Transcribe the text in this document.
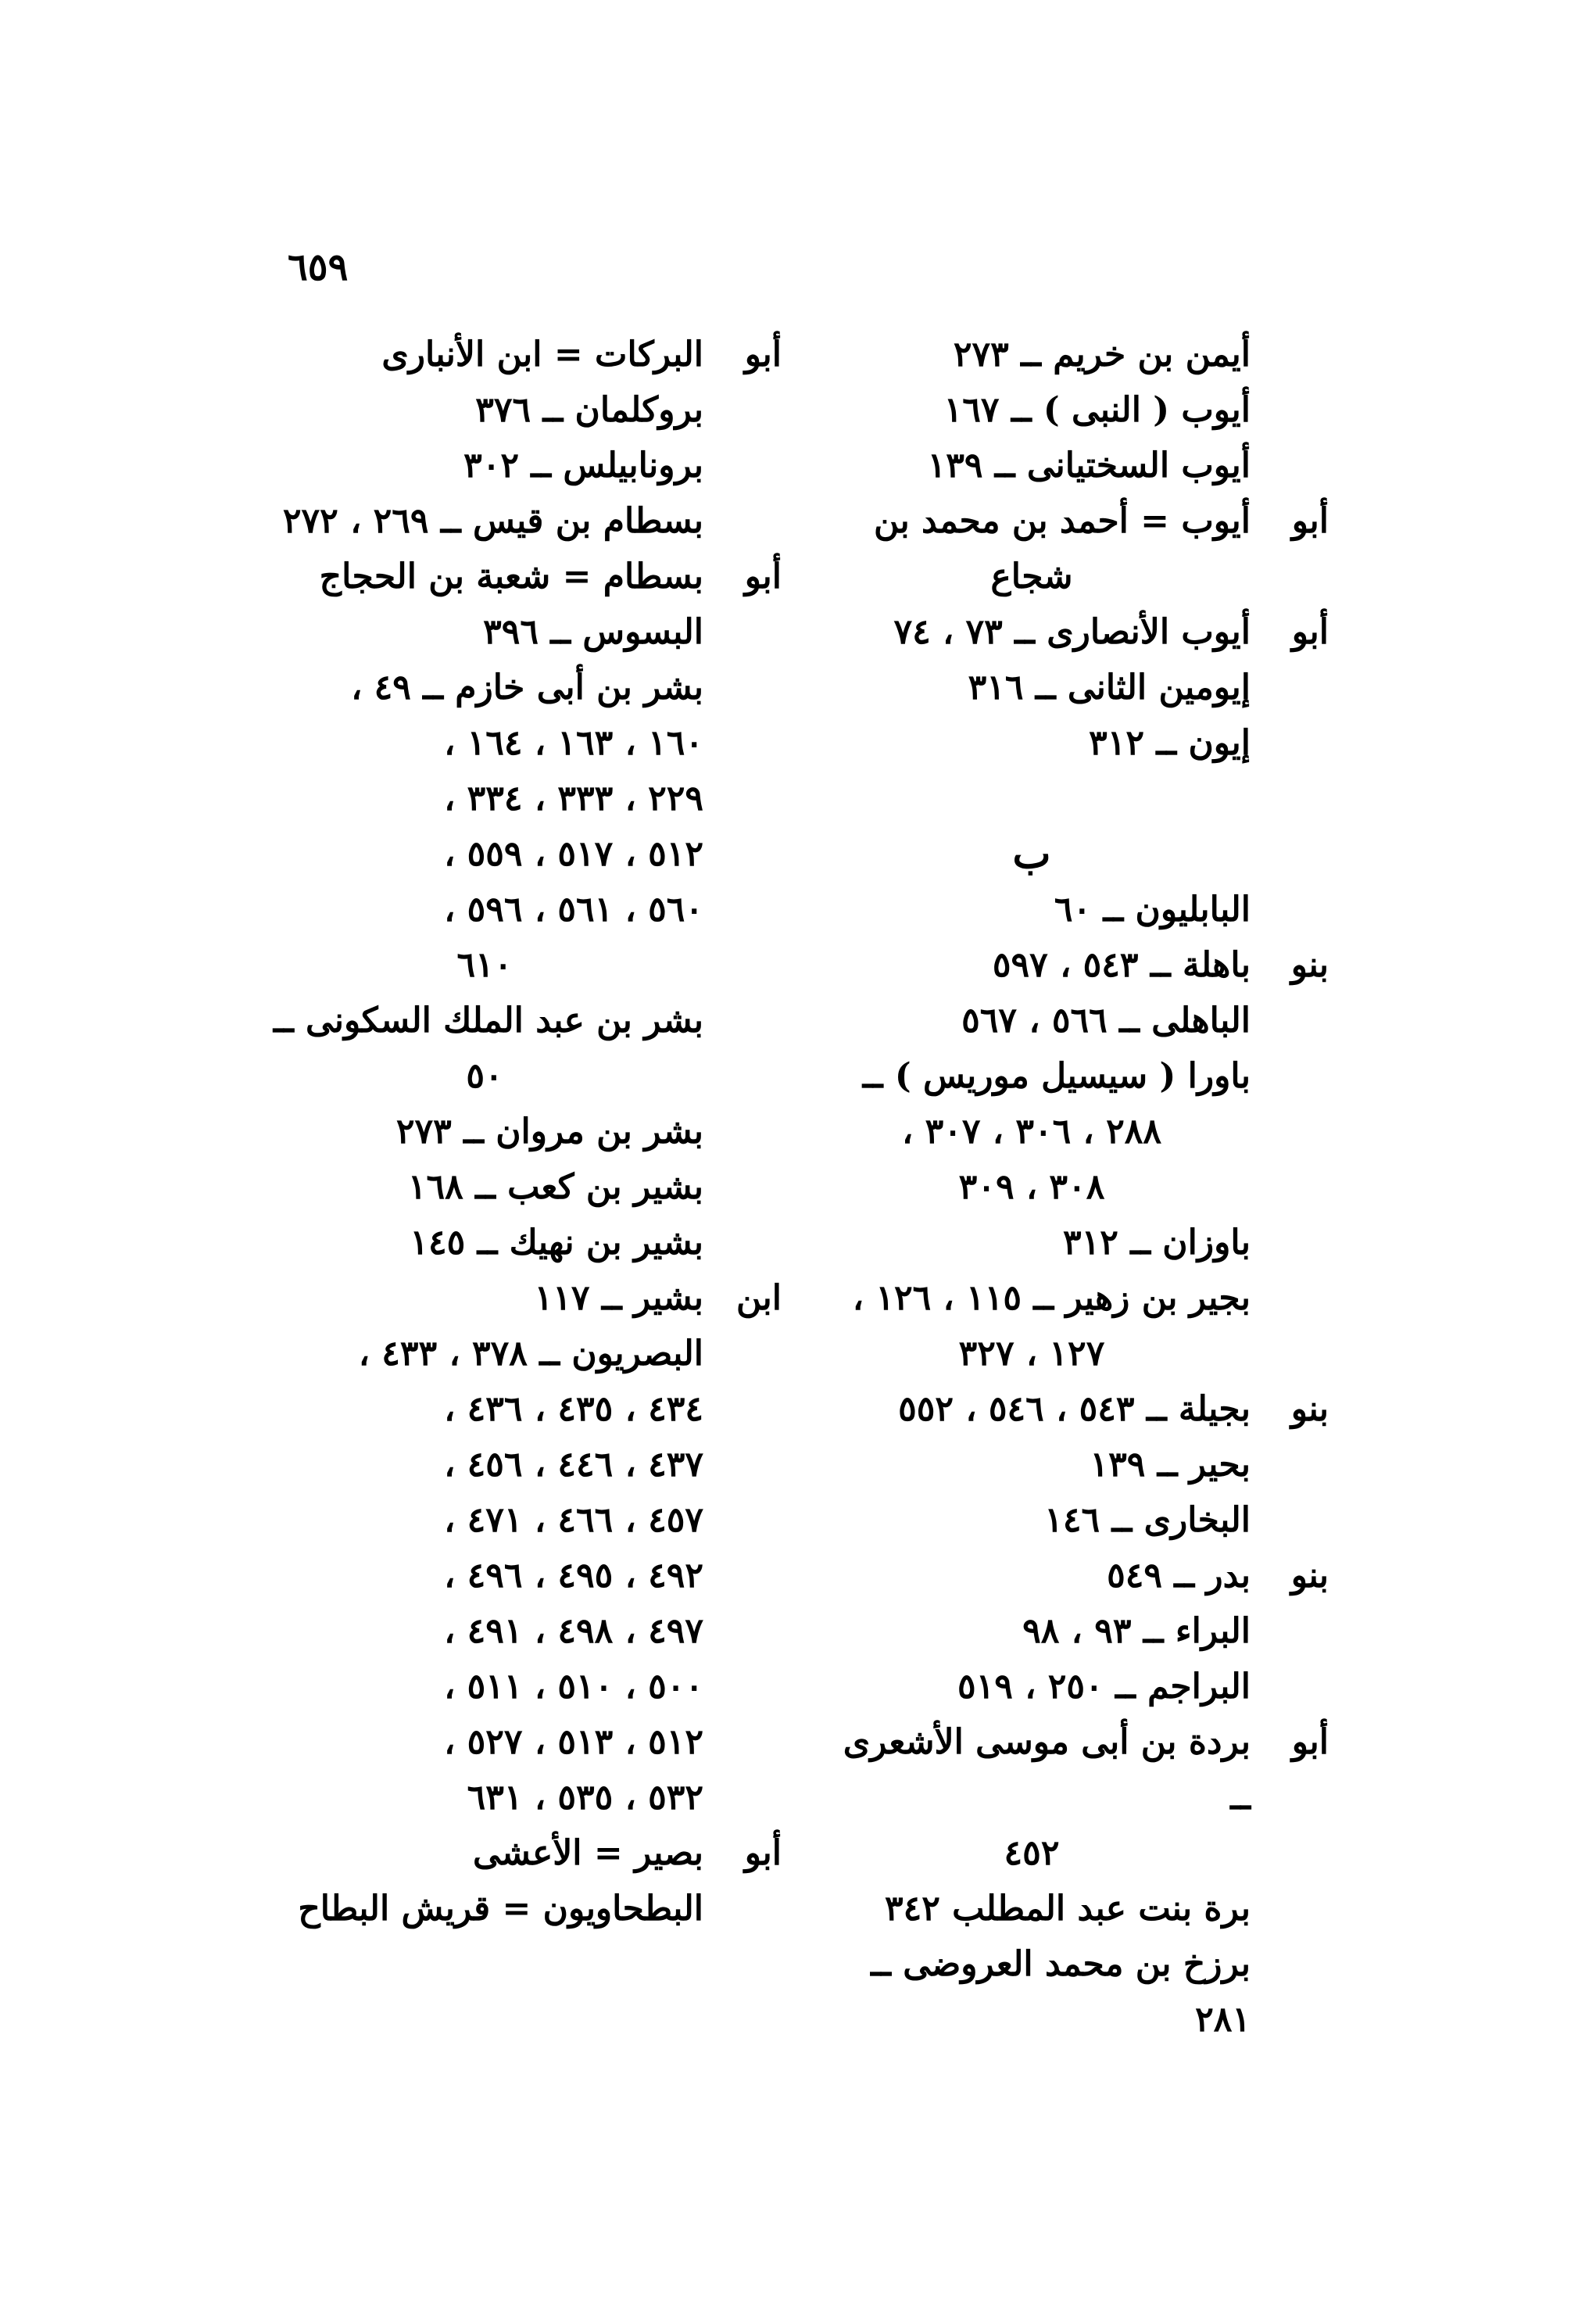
٦٥٩
أيمن بن خريم ــ ٢٧٣
أيوب ( النبى ) ــ ١٦٧
أيوب السختيانى ــ ١٣٩
أبو
أيوب = أحمد بن محمد بن
شجاع
أبو
أيوب الأنصارى ــ ٧٣ ، ٧٤
إيومين الثانى ــ ٣١٦
إيون ــ ٣١٢
ب
البابليون ــ ٦٠
بنو
باهلة ــ ٥٤٣ ، ٥٩٧
الباهلى ــ ٥٦٦ ، ٥٦٧
باورا ( سيسيل موريس ) ــ
٢٨٨ ، ٣٠٦ ، ٣٠٧ ،
٣٠٨ ، ٣٠٩
باوزان ــ ٣١٢
بجير بن زهير ــ ١١٥ ، ١٢٦ ،
١٢٧ ، ٣٢٧
بنو
بجيلة ــ ٥٤٣ ، ٥٤٦ ، ٥٥٢
بحير ــ ١٣٩
البخارى ــ ١٤٦
بنو
بدر ــ ٥٤٩
البراء ــ ٩٣ ، ٩٨
البراجم ــ ٢٥٠ ، ٥١٩
أبو
بردة بن أبى موسى الأشعرى ــ
٤٥٢
برة بنت عبد المطلب ٣٤٢
برزخ بن محمد العروضى ــ ٢٨١
أبو
البركات = ابن الأنبارى
بروكلمان ــ ٣٧٦
برونابيلس ــ ٣٠٢
بسطام بن قيس ــ ٢٦٩ ، ٢٧٢
أبو
بسطام = شعبة بن الحجاج
البسوس ــ ٣٩٦
بشر بن أبى خازم ــ ٤٩ ،
١٦٠ ، ١٦٣ ، ١٦٤ ،
٢٢٩ ، ٣٣٣ ، ٣٣٤ ،
٥١٢ ، ٥١٧ ، ٥٥٩ ،
٥٦٠ ، ٥٦١ ، ٥٩٦ ،
٦١٠
بشر بن عبد الملك السكونى ــ
٥٠
بشر بن مروان ــ ٢٧٣
بشير بن كعب ــ ١٦٨
بشير بن نهيك ــ ١٤٥
ابن
بشير ــ ١١٧
البصريون ــ ٣٧٨ ، ٤٣٣ ،
٤٣٤ ، ٤٣٥ ، ٤٣٦ ،
٤٣٧ ، ٤٤٦ ، ٤٥٦ ،
٤٥٧ ، ٤٦٦ ، ٤٧١ ،
٤٩٢ ، ٤٩٥ ، ٤٩٦ ،
٤٩٧ ، ٤٩٨ ، ٤٩١ ،
٥٠٠ ، ٥١٠ ، ٥١١ ،
٥١٢ ، ٥١٣ ، ٥٢٧ ،
٥٣٢ ، ٥٣٥ ، ٦٣١
أبو
بصير = الأعشى
البطحاويون = قريش البطاح
